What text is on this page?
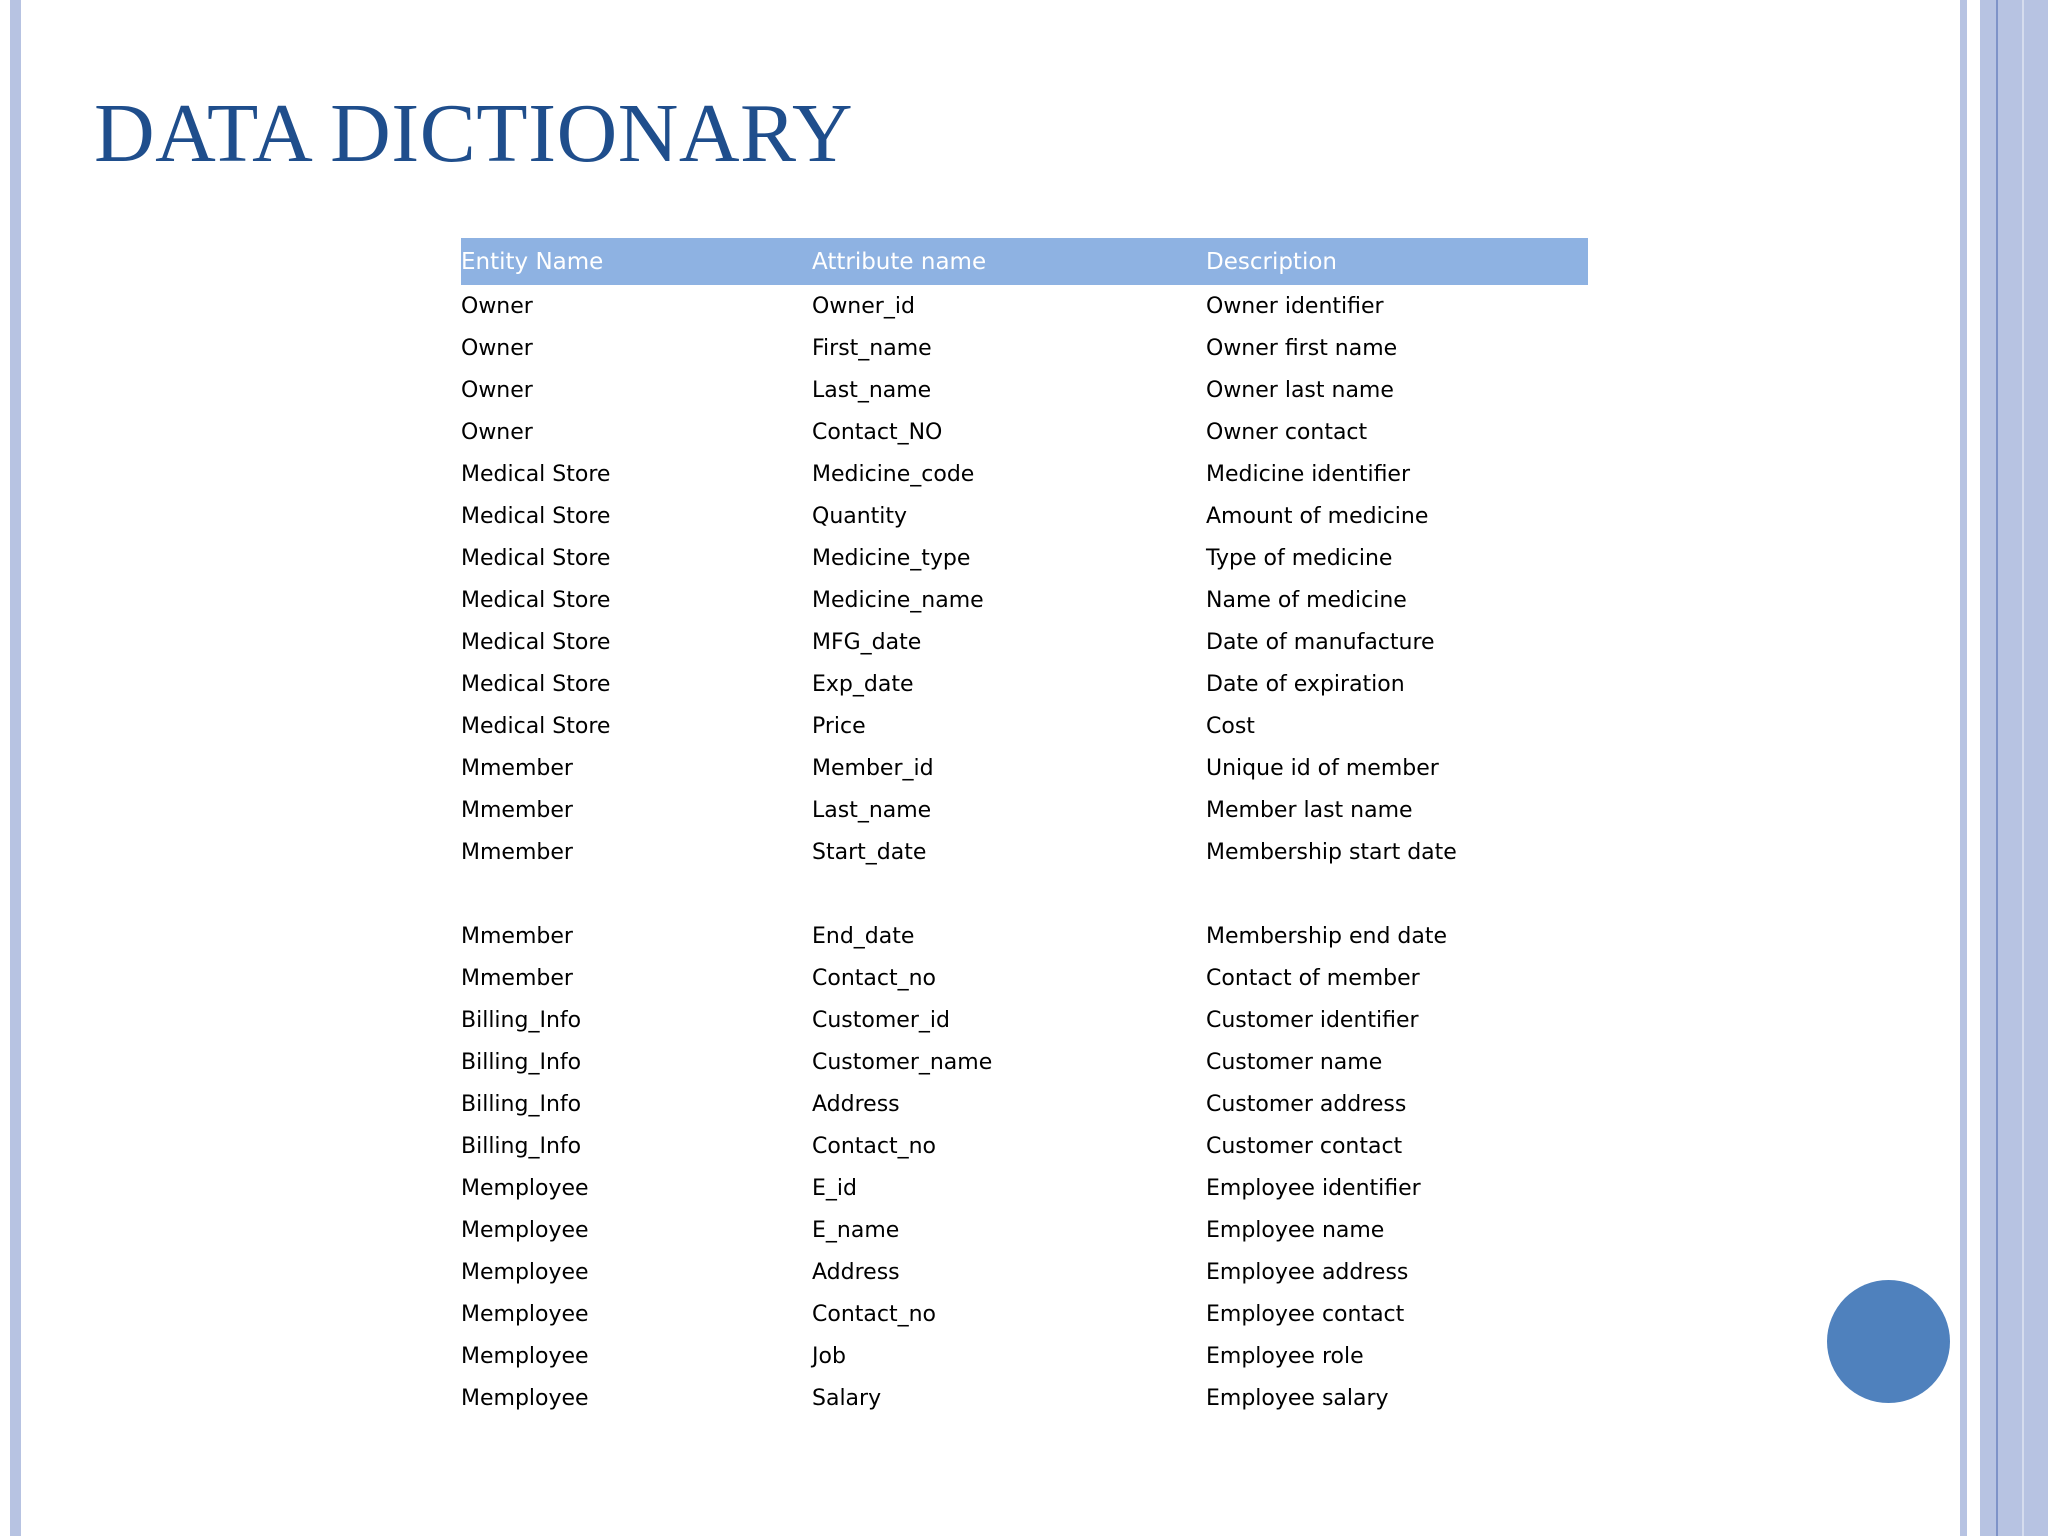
DATA DICTIONARY
Entity Name	Attribute name	Description
Owner	Owner_id	Owner identifier
Owner	First_name	Owner first name
Owner	Last_name	Owner last name
Owner	Contact_NO	Owner contact
Medical Store	Medicine_code	Medicine identifier
Medical Store	Quantity	Amount of medicine
Medical Store	Medicine_type	Type of medicine
Medical Store	Medicine_name	Name of medicine
Medical Store	MFG_date	Date of manufacture
Medical Store	Exp_date	Date of expiration
Medical Store	Price	Cost
Mmember	Member_id	Unique id of member
Mmember	Last_name	Member last name
Mmember	Start_date	Membership start date

Mmember	End_date	Membership end date
Mmember	Contact_no	Contact of member
Billing_Info	Customer_id	Customer identifier
Billing_Info	Customer_name	Customer name
Billing_Info	Address	Customer address
Billing_Info	Contact_no	Customer contact
Memployee	E_id	Employee identifier
Memployee	E_name	Employee name
Memployee	Address	Employee address
Memployee	Contact_no	Employee contact
Memployee	Job	Employee role
Memployee	Salary	Employee salary
